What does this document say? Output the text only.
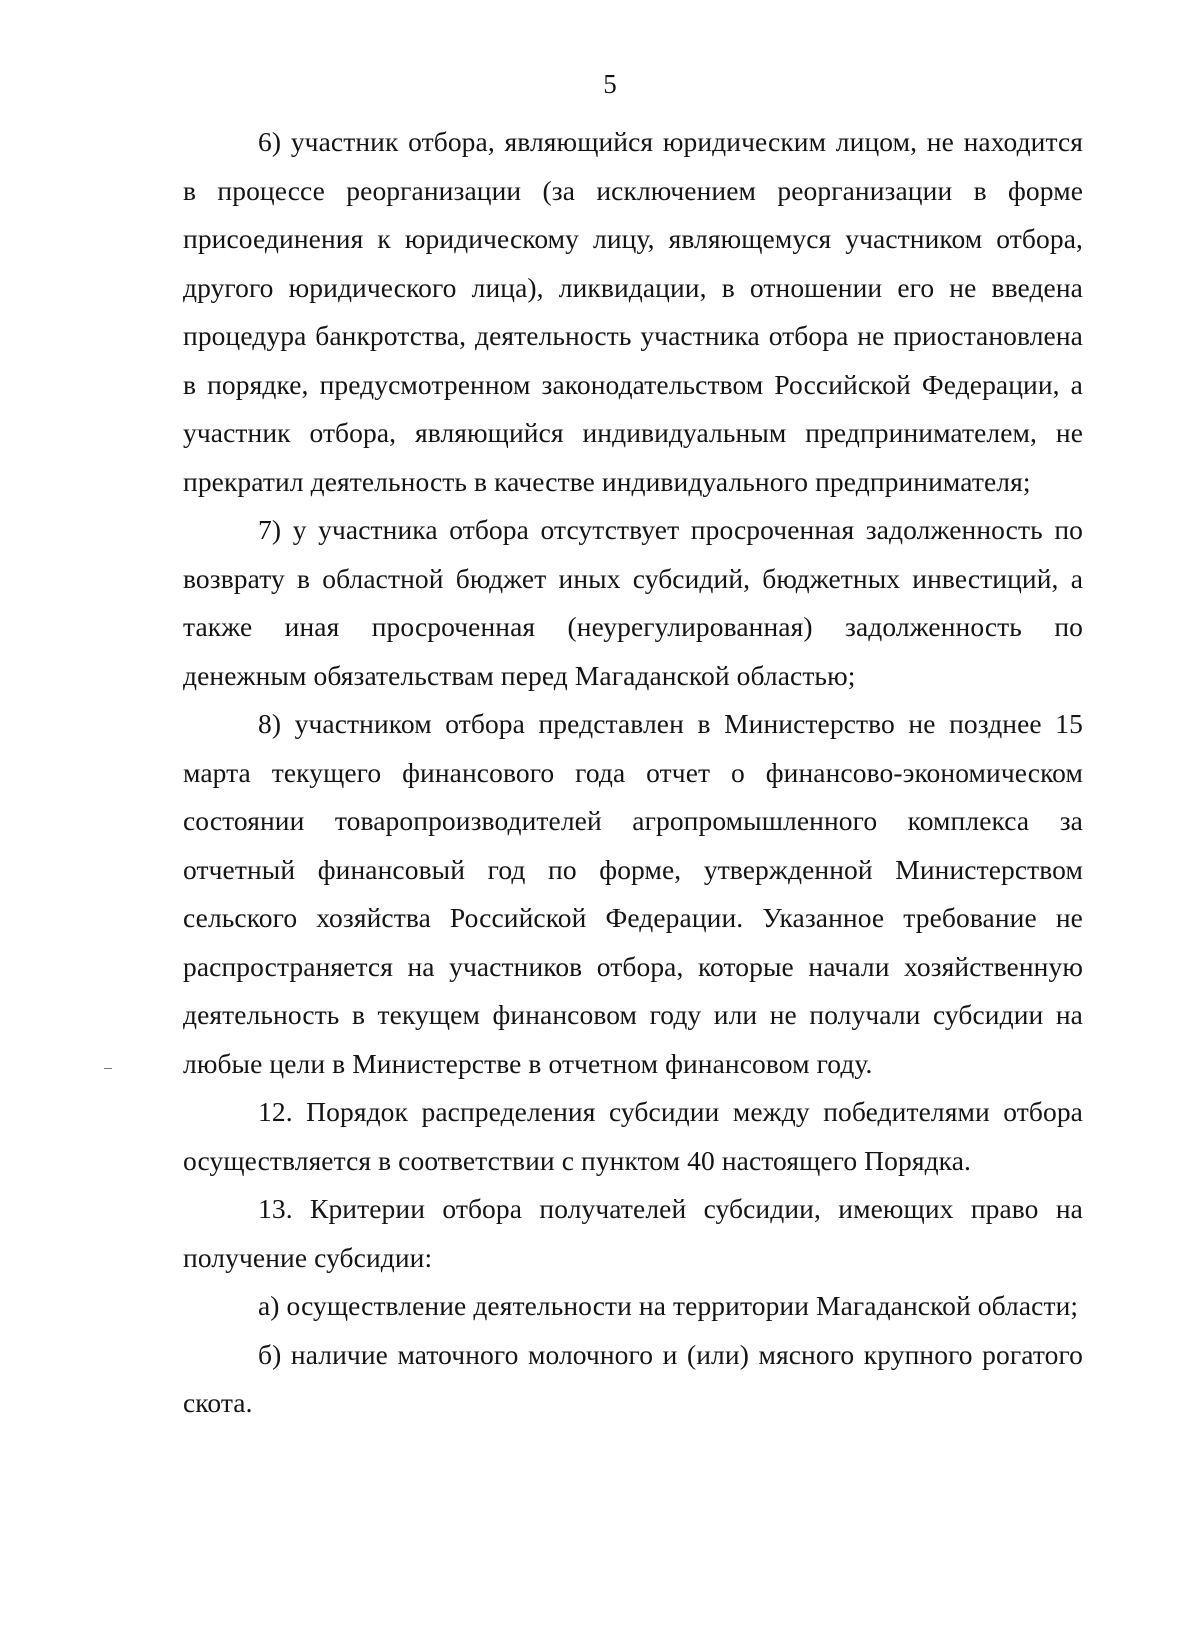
5

6) участник отбора, являющийся юридическим лицом, не находится в процессе реорганизации (за исключением реорганизации в форме присоединения к юридическому лицу, являющемуся участником отбора, другого юридического лица), ликвидации, в отношении его не введена процедура банкротства, деятельность участника отбора не приостановлена в порядке, предусмотренном законодательством Российской Федерации, а участник отбора, являющийся индивидуальным предпринимателем, не прекратил деятельность в качестве индивидуального предпринимателя;

7) у участника отбора отсутствует просроченная задолженность по возврату в областной бюджет иных субсидий, бюджетных инвестиций, а также иная просроченная (неурегулированная) задолженность по денежным обязательствам перед Магаданской областью;

8) участником отбора представлен в Министерство не позднее 15 марта текущего финансового года отчет о финансово-экономическом состоянии товаропроизводителей агропромышленного комплекса за отчетный финансовый год по форме, утвержденной Министерством сельского хозяйства Российской Федерации. Указанное требование не распространяется на участников отбора, которые начали хозяйственную деятельность в текущем финансовом году или не получали субсидии на любые цели в Министерстве в отчетном финансовом году.

12. Порядок распределения субсидии между победителями отбора осуществляется в соответствии с пунктом 40 настоящего Порядка.

13. Критерии отбора получателей субсидии, имеющих право на получение субсидии:

а) осуществление деятельности на территории Магаданской области;

б) наличие маточного молочного и (или) мясного крупного рогатого скота.
